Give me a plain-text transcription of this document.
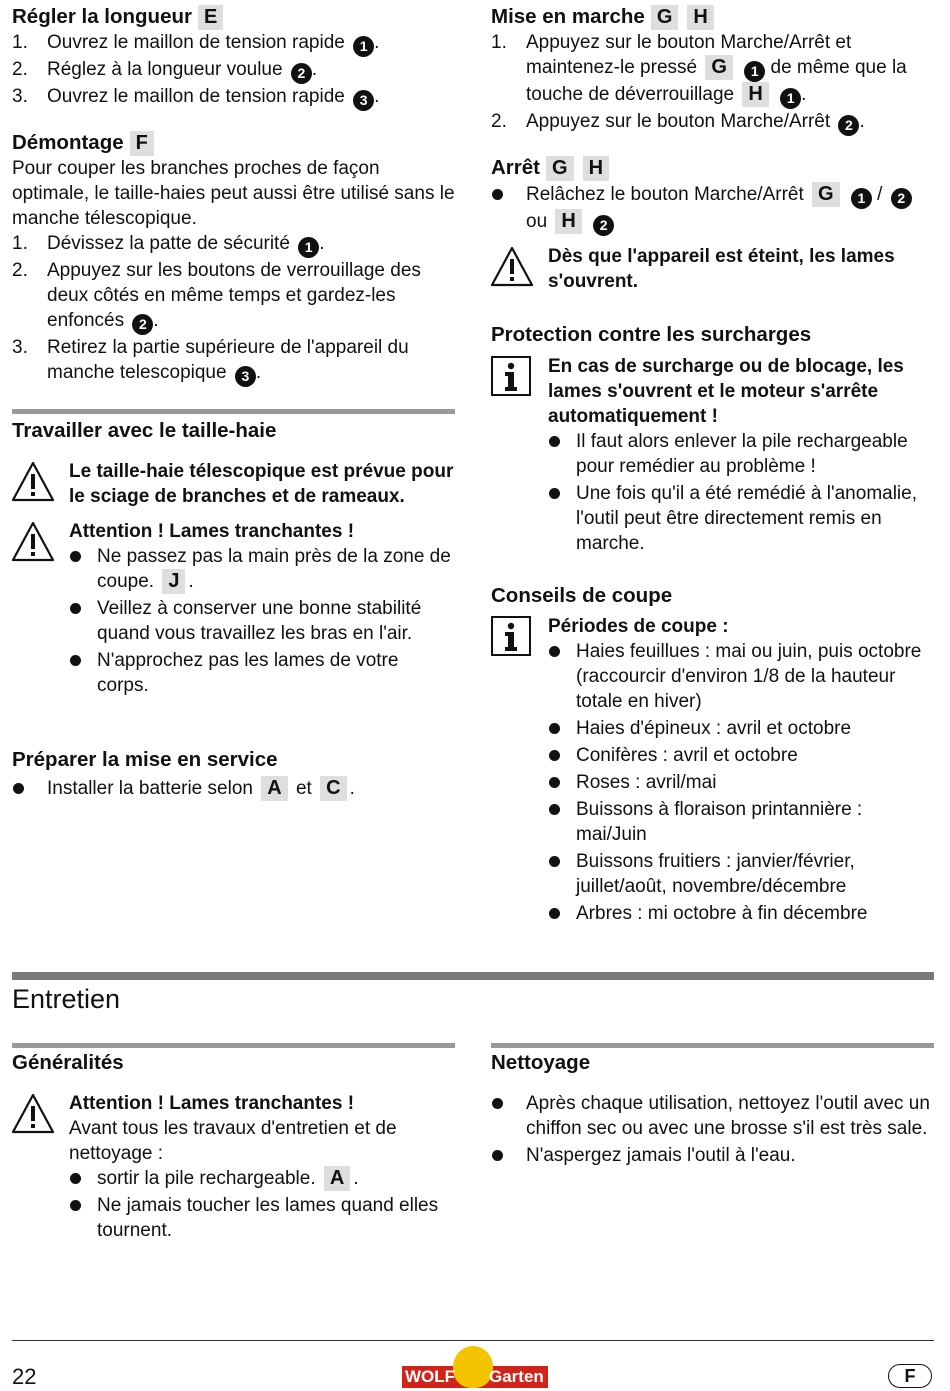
Régler la longueur E
1. Ouvrez le maillon de tension rapide 1 .
2. Réglez à la longueur voulue 2 .
3. Ouvrez le maillon de tension rapide 3 .
Démontage F

Pour couper les branches proches de façon optimale, le taille-haies peut aussi être utilisé sans le manche télescopique.

1. Dévissez la patte de sécurité 1 .
2. Appuyez sur les boutons de verrouillage des deux côtés en même temps et gardez-les enfoncés 2 .
3. Retirez la partie supérieure de l'appareil du manche telescopique 3 .
Travailler avec le taille-haie

Le taille-haie télescopique est prévue pour le sciage de branches et de rameaux.

Attention ! Lames tranchantes !

Ne passez pas la main près de la zone de coupe. J .
Veillez à conserver une bonne stabilité quand vous travaillez les bras en l'air.
N'approchez pas les lames de votre corps.
Préparer la mise en service
Installer la batterie selon A et C .
Mise en marche G H
1. Appuyez sur le bouton Marche/Arrêt et maintenez-le pressé G 1 de même que la touche de déverrouillage H 1 .
2. Appuyez sur le bouton Marche/Arrêt 2 .
Arrêt G H
Relâchez le bouton Marche/Arrêt G 1 / 2 ou H 2

Dès que l'appareil est éteint, les lames s'ouvrent.

Protection contre les surcharges

En cas de surcharge ou de blocage, les lames s'ouvrent et le moteur s'arrête automatiquement !

Il faut alors enlever la pile rechargeable pour remédier au problème !
Une fois qu'il a été remédié à l'anomalie, l'outil peut être directement remis en marche.
Conseils de coupe

Périodes de coupe :

Haies feuillues : mai ou juin, puis octobre (raccourcir d'environ 1/8 de la hauteur totale en hiver)
Haies d'épineux : avril et octobre
Conifères : avril et octobre
Roses : avril/mai
Buissons à floraison printannière : mai/Juin
Buissons fruitiers : janvier/février, juillet/août, novembre/décembre
Arbres : mi octobre à fin décembre
Entretien
Généralités

Attention ! Lames tranchantes !

Avant tous les travaux d'entretien et de nettoyage :

sortir la pile rechargeable. A .
Ne jamais toucher les lames quand elles tournent.
Nettoyage
Après chaque utilisation, nettoyez l'outil avec un chiffon sec ou avec une brosse s'il est très sale.
N'aspergez jamais l'outil à l'eau.
22	WOLF Garten	F
